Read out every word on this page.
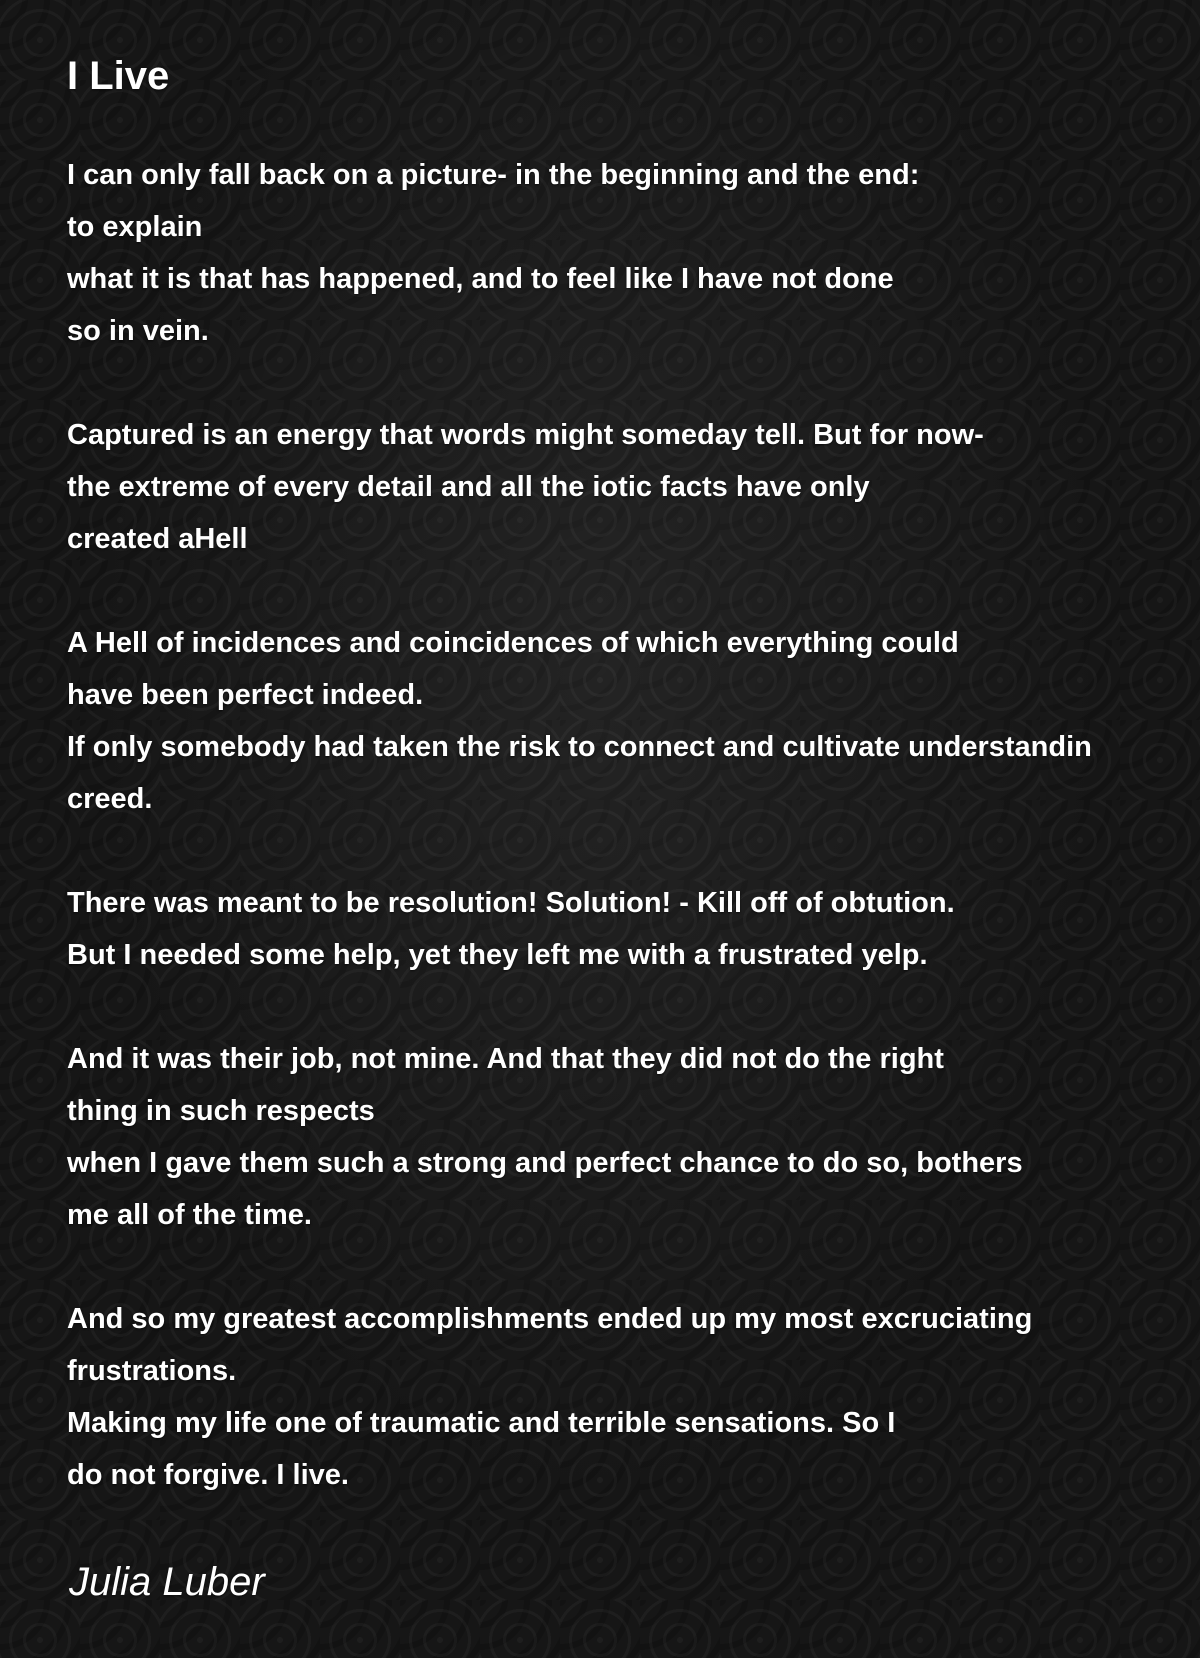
I Live
I can only fall back on a picture- in the beginning and the end:
to explain
what it is that has happened, and to feel like I have not done
so in vein.
Captured is an energy that words might someday tell. But for now-
the extreme of every detail and all the iotic facts have only
created aHell
A Hell of incidences and coincidences of which everything could
have been perfect indeed.
If only somebody had taken the risk to connect and cultivate understandin
creed.
There was meant to be resolution! Solution! - Kill off of obtution.
But I needed some help, yet they left me with a frustrated yelp.
And it was their job, not mine. And that they did not do the right
thing in such respects
when I gave them such a strong and perfect chance to do so, bothers
me all of the time.
And so my greatest accomplishments ended up my most excruciating
frustrations.
Making my life one of traumatic and terrible sensations. So I
do not forgive. I live.
Julia Luber
